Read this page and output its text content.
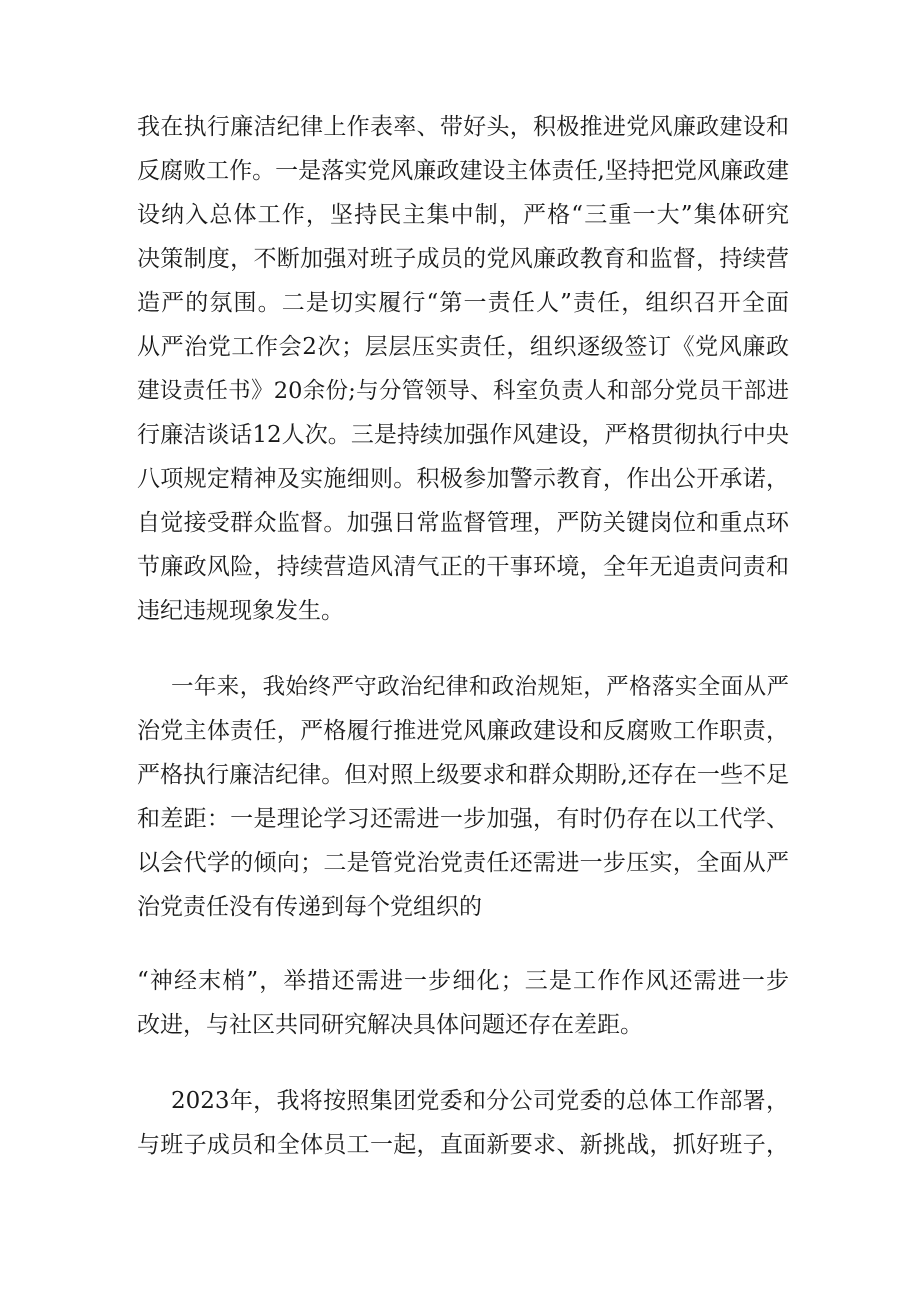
我在执行廉洁纪律上作表率、带好头，积极推进党风廉政建设和
反腐败工作。一是落实党风廉政建设主体责任,坚持把党风廉政建
设纳入总体工作，坚持民主集中制，严格“三重一大”集体研究
决策制度，不断加强对班子成员的党风廉政教育和监督，持续营
造严的氛围。二是切实履行“第一责任人”责任，组织召开全面
从严治党工作会2次；层层压实责任，组织逐级签订《党风廉政
建设责任书》20余份;与分管领导、科室负责人和部分党员干部进
行廉洁谈话12人次。三是持续加强作风建设，严格贯彻执行中央
八项规定精神及实施细则。积极参加警示教育，作出公开承诺，
自觉接受群众监督。加强日常监督管理，严防关键岗位和重点环
节廉政风险，持续营造风清气正的干事环境，全年无追责问责和
违纪违规现象发生。
一年来，我始终严守政治纪律和政治规矩，严格落实全面从严
治党主体责任，严格履行推进党风廉政建设和反腐败工作职责，
严格执行廉洁纪律。但对照上级要求和群众期盼,还存在一些不足
和差距：一是理论学习还需进一步加强，有时仍存在以工代学、
以会代学的倾向；二是管党治党责任还需进一步压实，全面从严
治党责任没有传递到每个党组织的
“神经末梢”，举措还需进一步细化；三是工作作风还需进一步
改进，与社区共同研究解决具体问题还存在差距。
2023年，我将按照集团党委和分公司党委的总体工作部署，
与班子成员和全体员工一起，直面新要求、新挑战，抓好班子，
